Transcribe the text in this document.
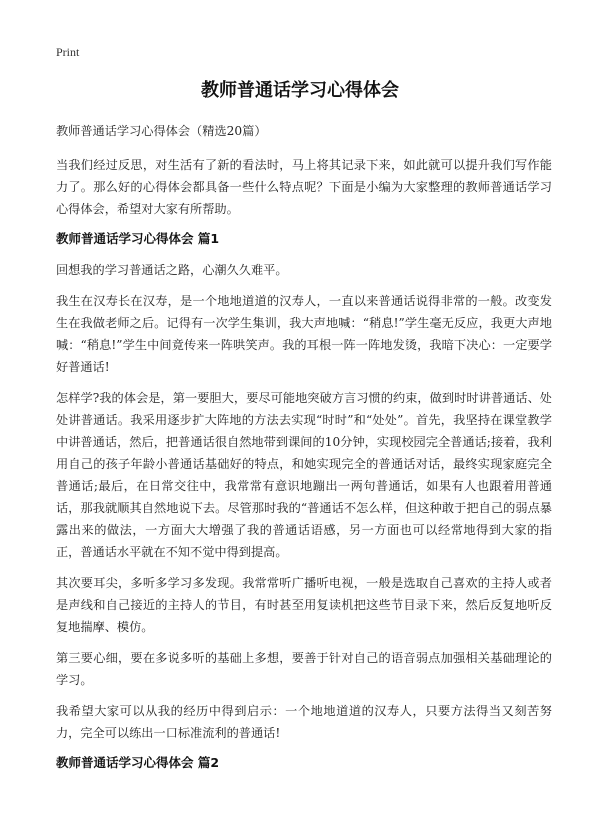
Print
教师普通话学习心得体会

教师普通话学习心得体会（精选20篇）

当我们经过反思，对生活有了新的看法时，马上将其记录下来，如此就可以提升我们写作能力了。那么好的心得体会都具备一些什么特点呢？下面是小编为大家整理的教师普通话学习心得体会，希望对大家有所帮助。

教师普通话学习心得体会 篇1

回想我的学习普通话之路，心潮久久难平。

我生在汉寿长在汉寿，是一个地地道道的汉寿人，一直以来普通话说得非常的一般。改变发生在我做老师之后。记得有一次学生集训，我大声地喊：“稍息!”学生毫无反应，我更大声地喊：“稍息!”学生中间竟传来一阵哄笑声。我的耳根一阵一阵地发烫，我暗下决心：一定要学好普通话!

怎样学?我的体会是，第一要胆大，要尽可能地突破方言习惯的约束，做到时时讲普通话、处处讲普通话。我采用逐步扩大阵地的方法去实现“时时”和“处处”。首先，我坚持在课堂教学中讲普通话，然后，把普通话很自然地带到课间的10分钟，实现校园完全普通话;接着，我利用自己的孩子年龄小普通话基础好的特点，和她实现完全的普通话对话，最终实现家庭完全普通话;最后，在日常交往中，我常常有意识地蹦出一两句普通话，如果有人也跟着用普通话，那我就顺其自然地说下去。尽管那时我的“普通话不怎么样，但这种敢于把自己的弱点暴露出来的做法，一方面大大增强了我的普通话语感，另一方面也可以经常地得到大家的指正，普通话水平就在不知不觉中得到提高。

其次要耳尖，多听多学习多发现。我常常听广播听电视，一般是选取自己喜欢的主持人或者是声线和自己接近的主持人的节目，有时甚至用复读机把这些节目录下来，然后反复地听反复地揣摩、模仿。

第三要心细，要在多说多听的基础上多想，要善于针对自己的语音弱点加强相关基础理论的学习。

我希望大家可以从我的经历中得到启示：一个地地道道的汉寿人，只要方法得当又刻苦努力，完全可以练出一口标准流利的普通话!

教师普通话学习心得体会 篇2
